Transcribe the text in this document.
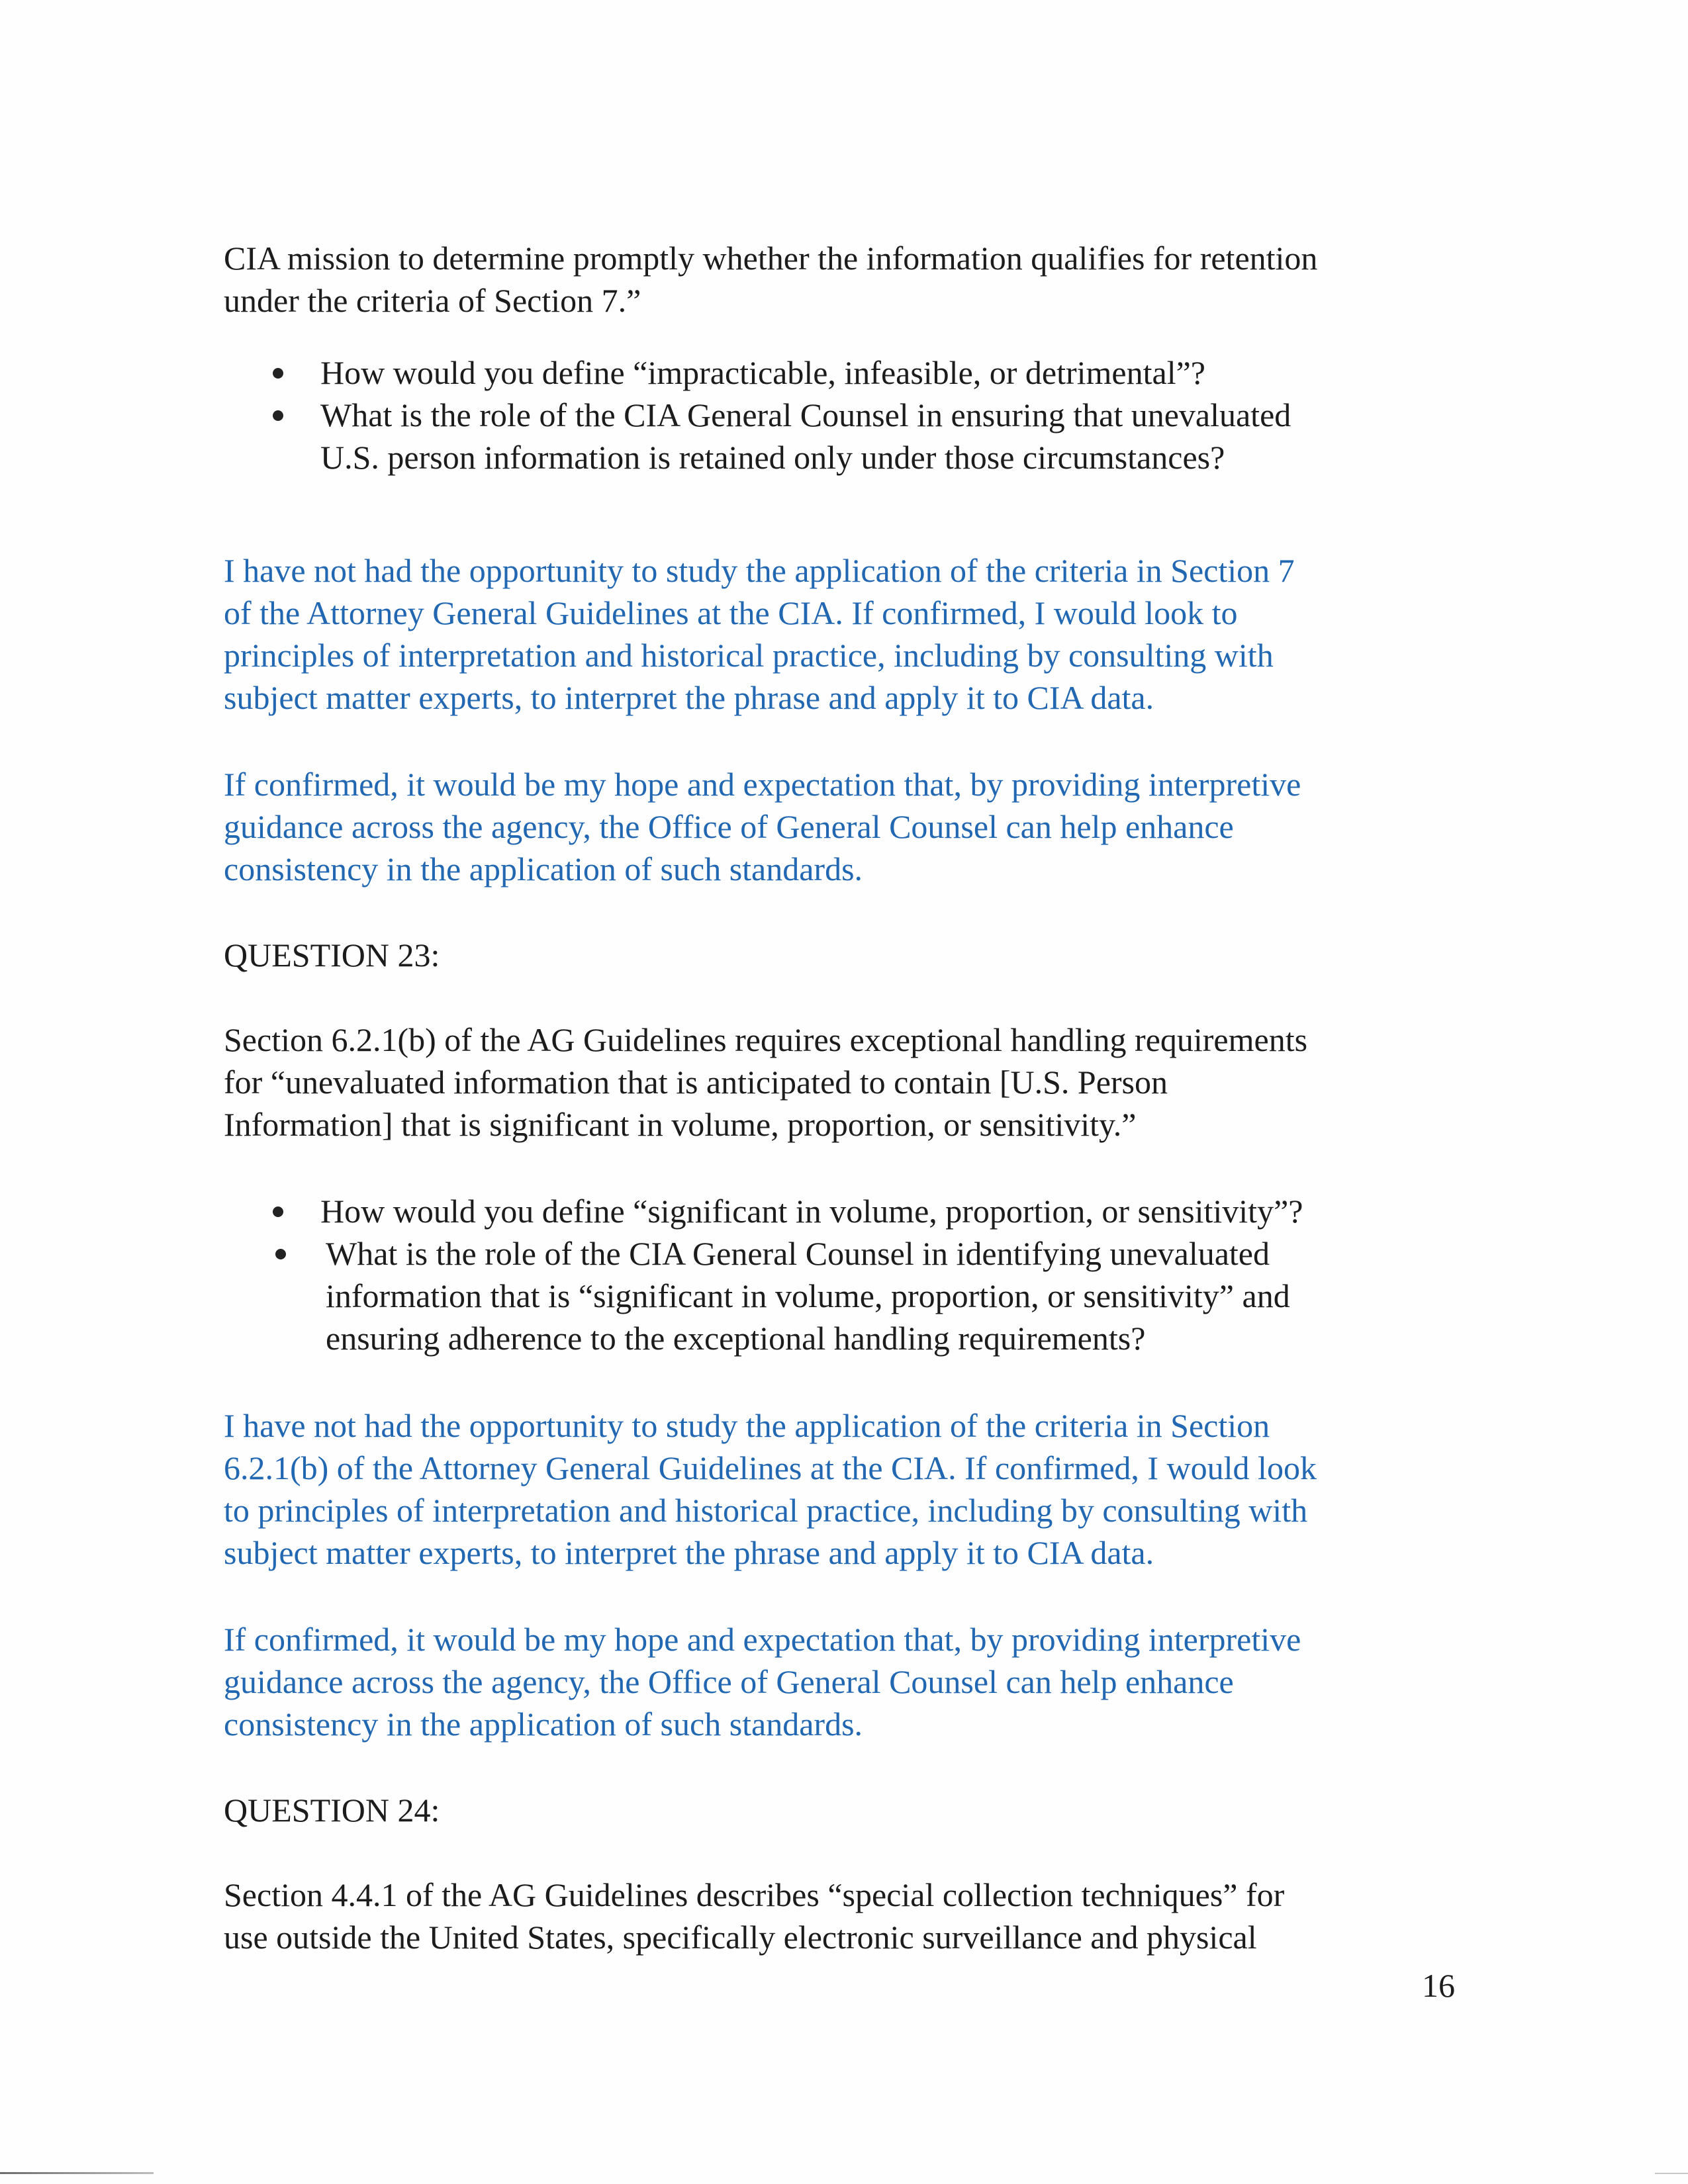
CIA mission to determine promptly whether the information qualifies for retention

under the criteria of Section 7.”

How would you define “impracticable, infeasible, or detrimental”?

What is the role of the CIA General Counsel in ensuring that unevaluated

U.S. person information is retained only under those circumstances?

I have not had the opportunity to study the application of the criteria in Section 7

of the Attorney General Guidelines at the CIA. If confirmed, I would look to

principles of interpretation and historical practice, including by consulting with

subject matter experts, to interpret the phrase and apply it to CIA data.

If confirmed, it would be my hope and expectation that, by providing interpretive

guidance across the agency, the Office of General Counsel can help enhance

consistency in the application of such standards.

QUESTION 23:

Section 6.2.1(b) of the AG Guidelines requires exceptional handling requirements

for “unevaluated information that is anticipated to contain [U.S. Person

Information] that is significant in volume, proportion, or sensitivity.”

How would you define “significant in volume, proportion, or sensitivity”?

What is the role of the CIA General Counsel in identifying unevaluated

information that is “significant in volume, proportion, or sensitivity” and

ensuring adherence to the exceptional handling requirements?

I have not had the opportunity to study the application of the criteria in Section

6.2.1(b) of the Attorney General Guidelines at the CIA. If confirmed, I would look

to principles of interpretation and historical practice, including by consulting with

subject matter experts, to interpret the phrase and apply it to CIA data.

If confirmed, it would be my hope and expectation that, by providing interpretive

guidance across the agency, the Office of General Counsel can help enhance

consistency in the application of such standards.

QUESTION 24:

Section 4.4.1 of the AG Guidelines describes “special collection techniques” for

use outside the United States, specifically electronic surveillance and physical

16
